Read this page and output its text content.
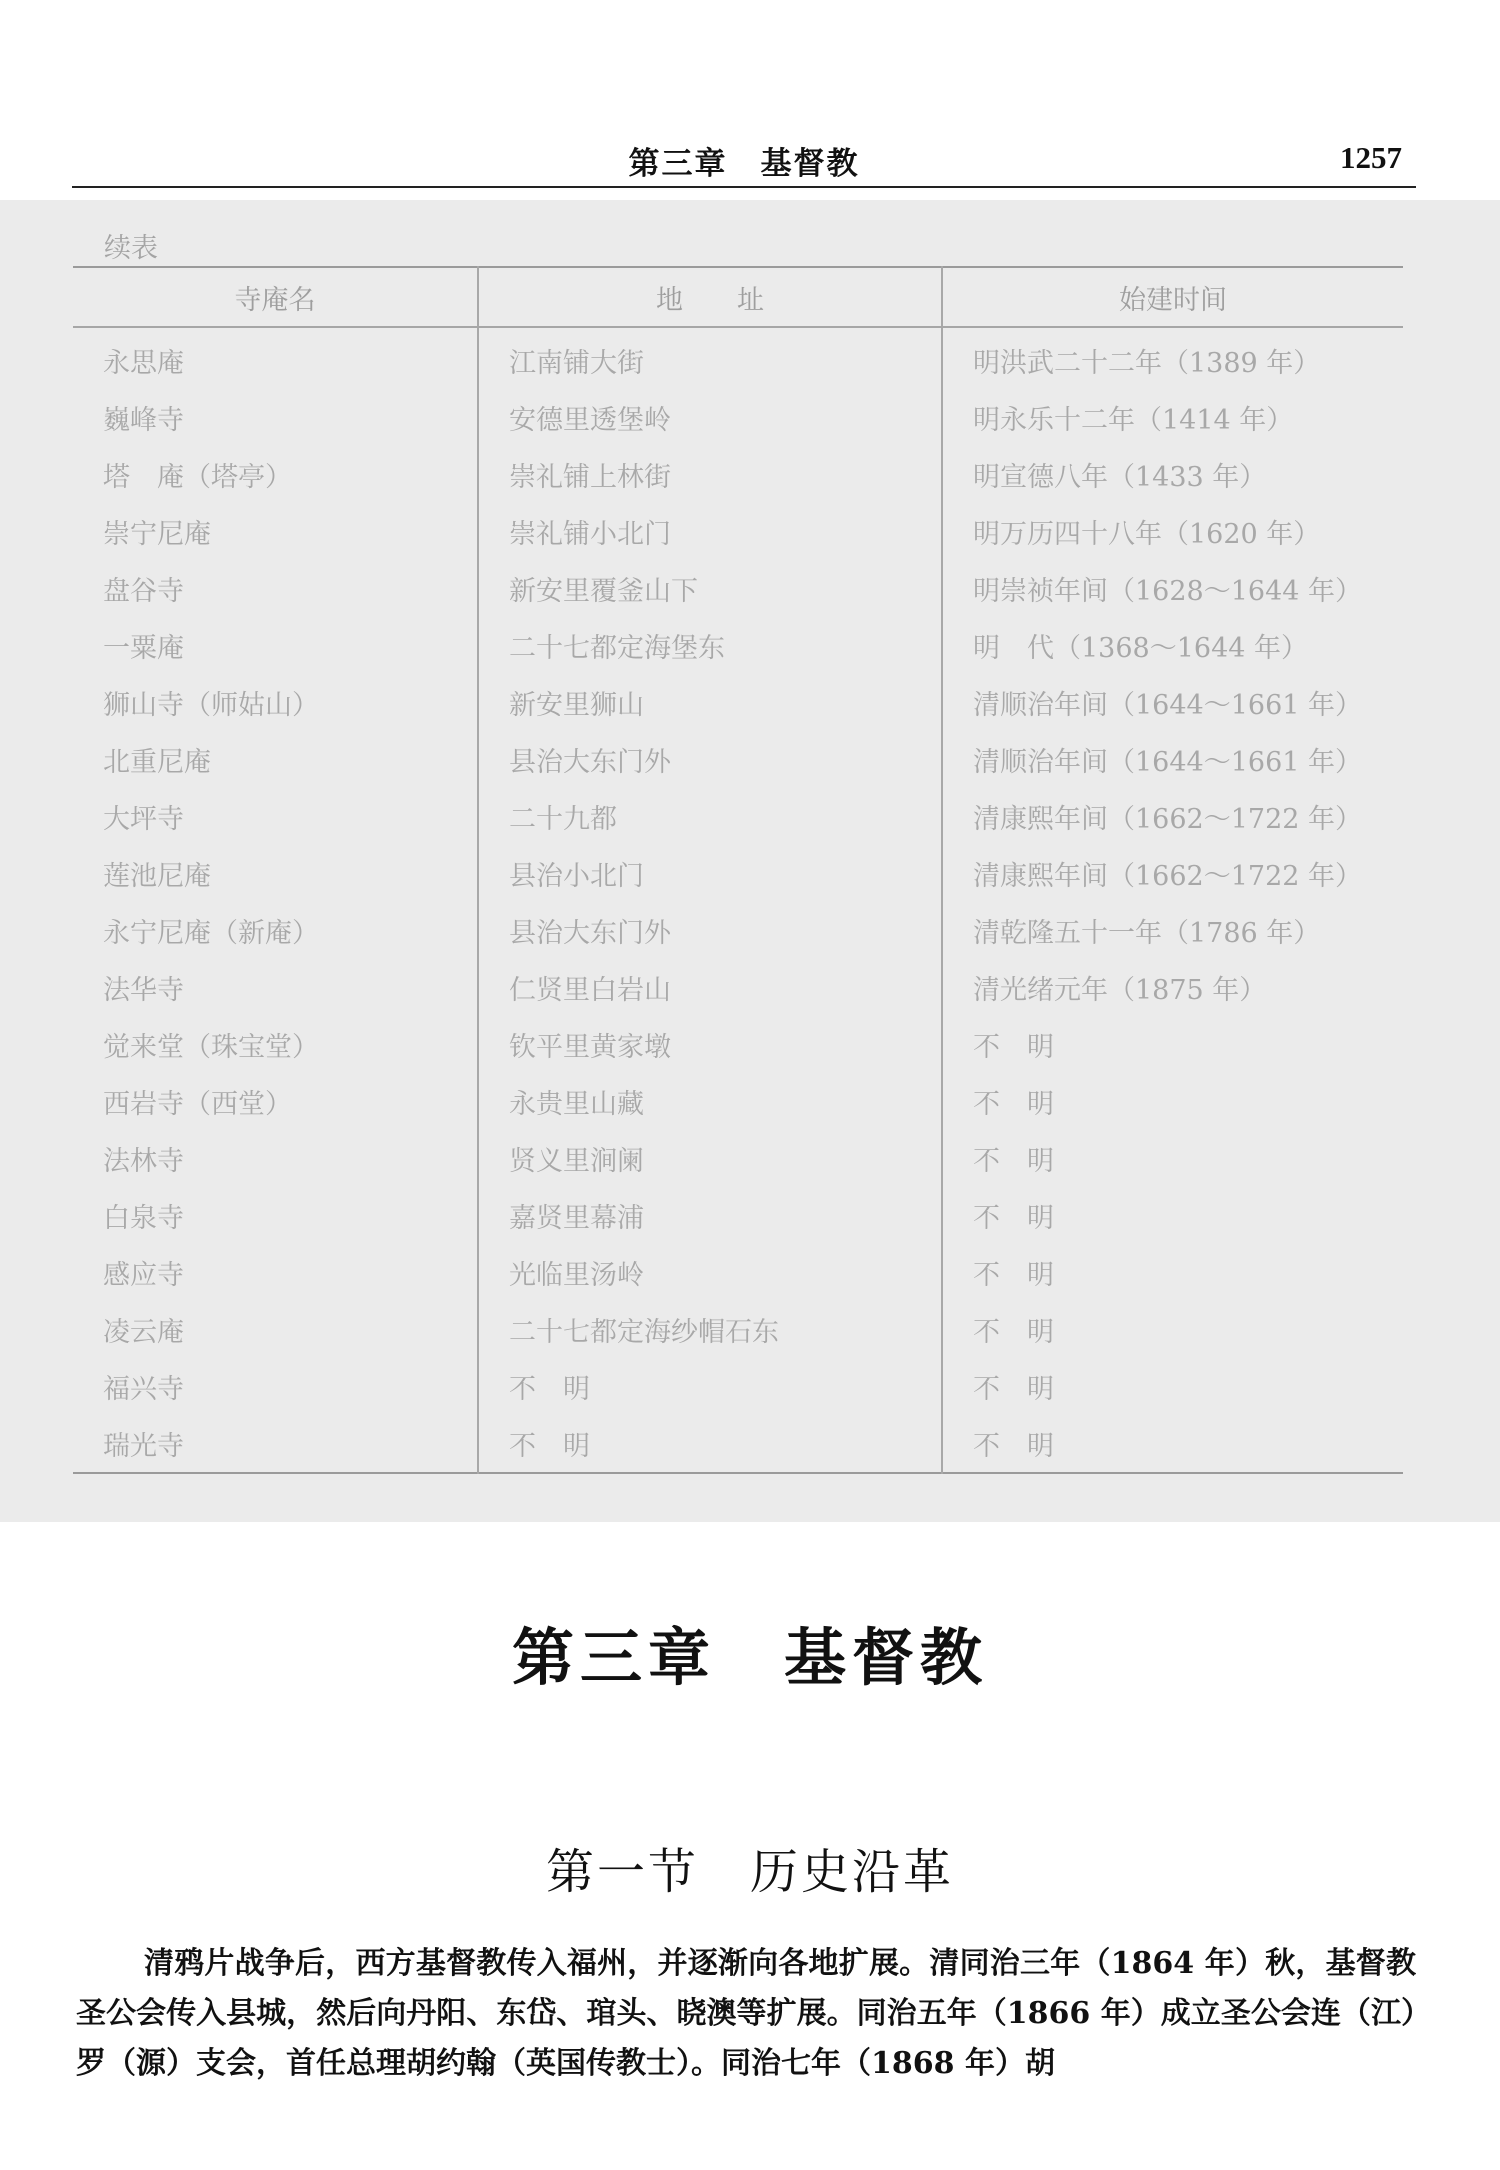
第三章　基督教	1257
续表
寺庵名	地　　址	始建时间
永思庵	江南铺大街	明洪武二十二年（1389 年）
巍峰寺	安德里透堡岭	明永乐十二年（1414 年）
塔　庵（塔亭）	崇礼铺上林街	明宣德八年（1433 年）
崇宁尼庵	崇礼铺小北门	明万历四十八年（1620 年）
盘谷寺	新安里覆釜山下	明崇祯年间（1628～1644 年）
一粟庵	二十七都定海堡东	明　代（1368～1644 年）
狮山寺（师姑山）	新安里狮山	清顺治年间（1644～1661 年）
北重尼庵	县治大东门外	清顺治年间（1644～1661 年）
大坪寺	二十九都	清康熙年间（1662～1722 年）
莲池尼庵	县治小北门	清康熙年间（1662～1722 年）
永宁尼庵（新庵）	县治大东门外	清乾隆五十一年（1786 年）
法华寺	仁贤里白岩山	清光绪元年（1875 年）
觉来堂（珠宝堂）	钦平里黄家墩	不　明
西岩寺（西堂）	永贵里山藏	不　明
法林寺	贤义里涧阑	不　明
白泉寺	嘉贤里幕浦	不　明
感应寺	光临里汤岭	不　明
凌云庵	二十七都定海纱帽石东	不　明
福兴寺	不　明	不　明
瑞光寺	不　明	不　明
第三章　基督教
第一节　历史沿革
清鸦片战争后，西方基督教传入福州，并逐渐向各地扩展。清同治三年（1864 年）秋，基督教圣公会传入县城，然后向丹阳、东岱、琯头、晓澳等扩展。同治五年（1866 年）成立圣公会连（江）罗（源）支会，首任总理胡约翰（英国传教士）。同治七年（1868 年）胡
